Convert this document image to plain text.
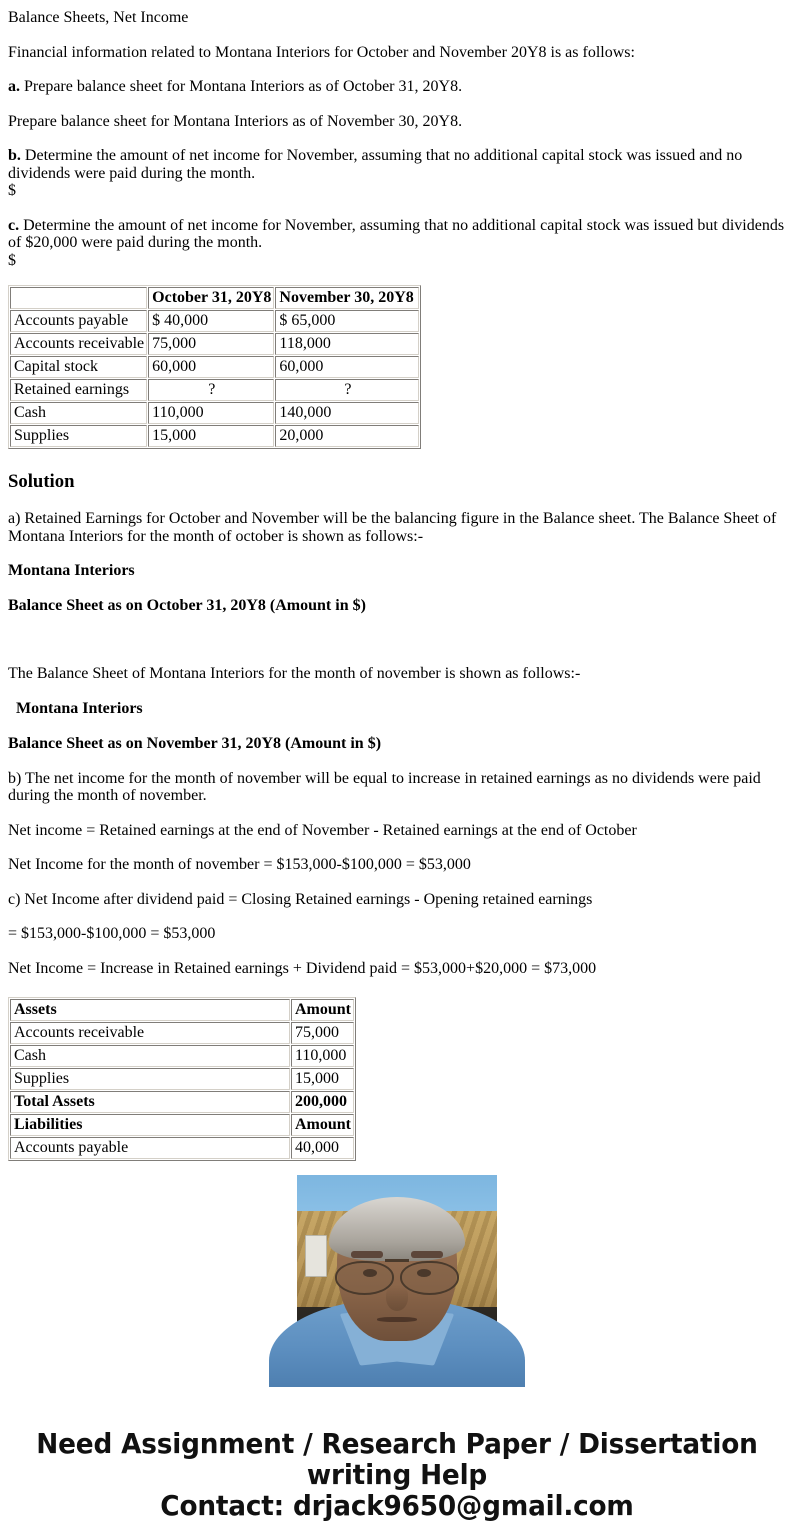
Balance Sheets, Net Income

Financial information related to Montana Interiors for October and November 20Y8 is as follows:

a. Prepare balance sheet for Montana Interiors as of October 31, 20Y8.

Prepare balance sheet for Montana Interiors as of November 30, 20Y8.

b. Determine the amount of net income for November, assuming that no additional capital stock was issued and no dividends were paid during the month.
$

c. Determine the amount of net income for November, assuming that no additional capital stock was issued but dividends of $20,000 were paid during the month.
$

	October 31, 20Y8	November 30, 20Y8
Accounts payable	$ 40,000	$ 65,000
Accounts receivable	75,000	118,000
Capital stock	60,000	60,000
Retained earnings	?	?
Cash	110,000	140,000
Supplies	15,000	20,000
Solution

a) Retained Earnings for October and November will be the balancing figure in the Balance sheet. The Balance Sheet of Montana Interiors for the month of october is shown as follows:-

Montana Interiors

Balance Sheet as on October 31, 20Y8 (Amount in $)

The Balance Sheet of Montana Interiors for the month of november is shown as follows:-

Montana Interiors

Balance Sheet as on November 31, 20Y8 (Amount in $)

b) The net income for the month of november will be equal to increase in retained earnings as no dividends were paid during the month of november.

Net income = Retained earnings at the end of November - Retained earnings at the end of October

Net Income for the month of november = $153,000-$100,000 = $53,000

c) Net Income after dividend paid = Closing Retained earnings - Opening retained earnings

= $153,000-$100,000 = $53,000

Net Income = Increase in Retained earnings + Dividend paid = $53,000+$20,000 = $73,000

Assets	Amount
Accounts receivable	75,000
Cash	110,000
Supplies	15,000
Total Assets	200,000
Liabilities	Amount
Accounts payable	40,000
Need Assignment / Research Paper / Dissertation
writing Help
Contact: drjack9650@gmail.com
